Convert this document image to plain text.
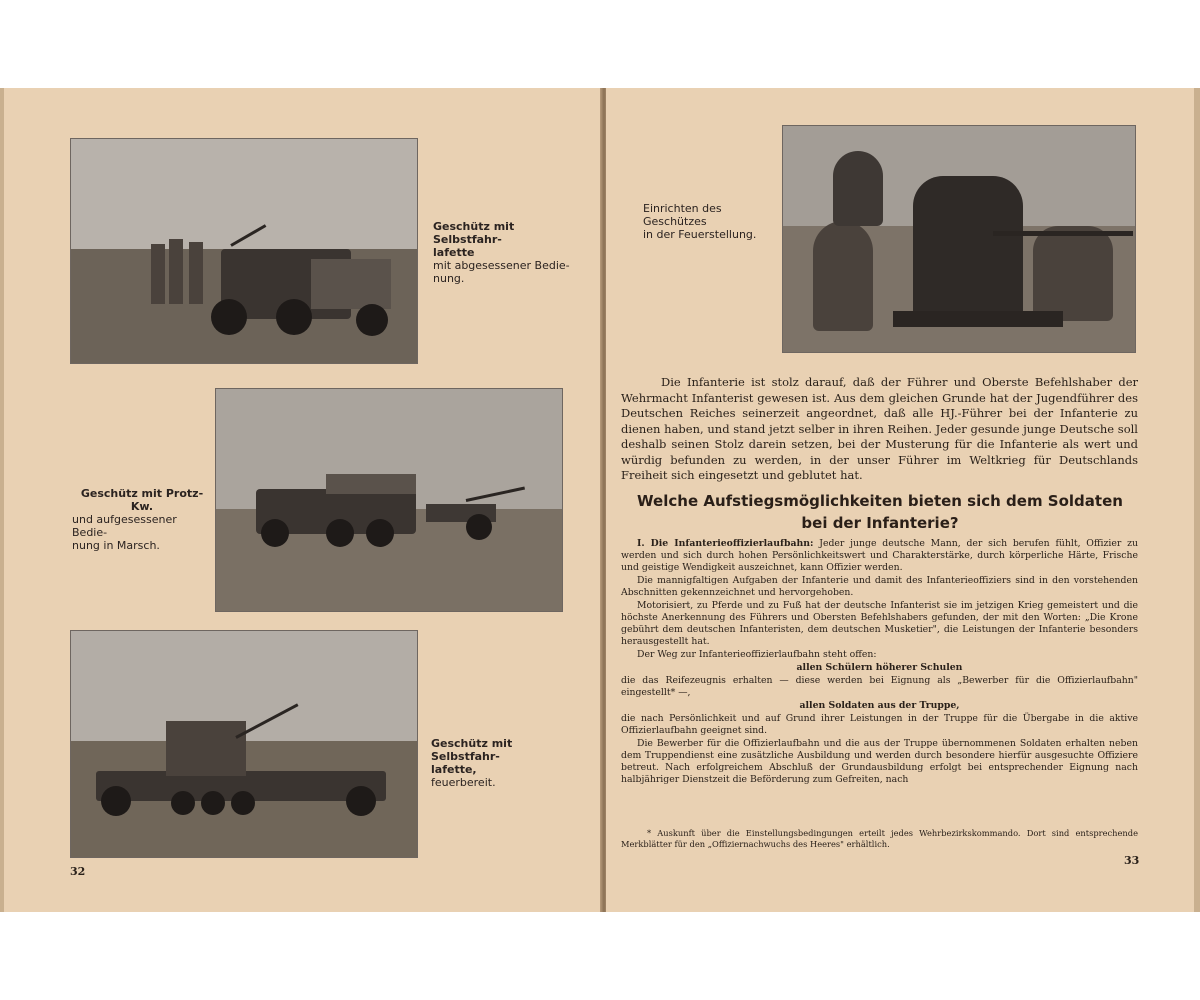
Geschütz mit Selbstfahr-
lafette
mit abgesessener Bedie-
nung.
Geschütz mit Protz-Kw.
und aufgesessener Bedie-
nung in Marsch.
Geschütz mit Selbstfahr-
lafette,
feuerbereit.
32
Einrichten des Geschützes
in der Feuerstellung.
Die Infanterie ist stolz darauf, daß der Führer und Oberste Befehlshaber der Wehrmacht Infanterist gewesen ist. Aus dem gleichen Grunde hat der Jugendführer des Deutschen Reiches seinerzeit angeordnet, daß alle HJ.-Führer bei der Infanterie zu dienen haben, und stand jetzt selber in ihren Reihen. Jeder gesunde junge Deutsche soll deshalb seinen Stolz darein setzen, bei der Musterung für die Infanterie als wert und würdig befunden zu werden, in der unser Führer im Weltkrieg für Deutschlands Freiheit sich eingesetzt und geblutet hat.
Welche Aufstiegsmöglichkeiten bieten sich dem Soldaten
bei der Infanterie?

I. Die Infanterieoffizierlaufbahn: Jeder junge deutsche Mann, der sich berufen fühlt, Offizier zu werden und sich durch hohen Persönlichkeitswert und Charakterstärke, durch körperliche Härte, Frische und geistige Wendigkeit auszeichnet, kann Offizier werden.

Die mannigfaltigen Aufgaben der Infanterie und damit des Infanterieoffiziers sind in den vorstehenden Abschnitten gekennzeichnet und hervorgehoben.

Motorisiert, zu Pferde und zu Fuß hat der deutsche Infanterist sie im jetzigen Krieg gemeistert und die höchste Anerkennung des Führers und Obersten Befehlshabers gefunden, der mit den Worten: „Die Krone gebührt dem deutschen Infanteristen, dem deutschen Musketier", die Leistungen der Infanterie besonders herausgestellt hat.

Der Weg zur Infanterieoffizierlaufbahn steht offen:

allen Schülern höherer Schulen

die das Reifezeugnis erhalten — diese werden bei Eignung als „Bewerber für die Offizierlaufbahn" eingestellt* —,

allen Soldaten aus der Truppe,

die nach Persönlichkeit und auf Grund ihrer Leistungen in der Truppe für die Übergabe in die aktive Offizierlaufbahn geeignet sind.

Die Bewerber für die Offizierlaufbahn und die aus der Truppe übernommenen Soldaten erhalten neben dem Truppendienst eine zusätzliche Ausbildung und werden durch besondere hierfür ausgesuchte Offiziere betreut. Nach erfolgreichem Abschluß der Grundausbildung erfolgt bei entsprechender Eignung nach halbjähriger Dienstzeit die Beförderung zum Gefreiten, nach

* Auskunft über die Einstellungsbedingungen erteilt jedes Wehrbezirkskommando. Dort sind entsprechende Merkblätter für den „Offiziernachwuchs des Heeres" erhältlich.
33
